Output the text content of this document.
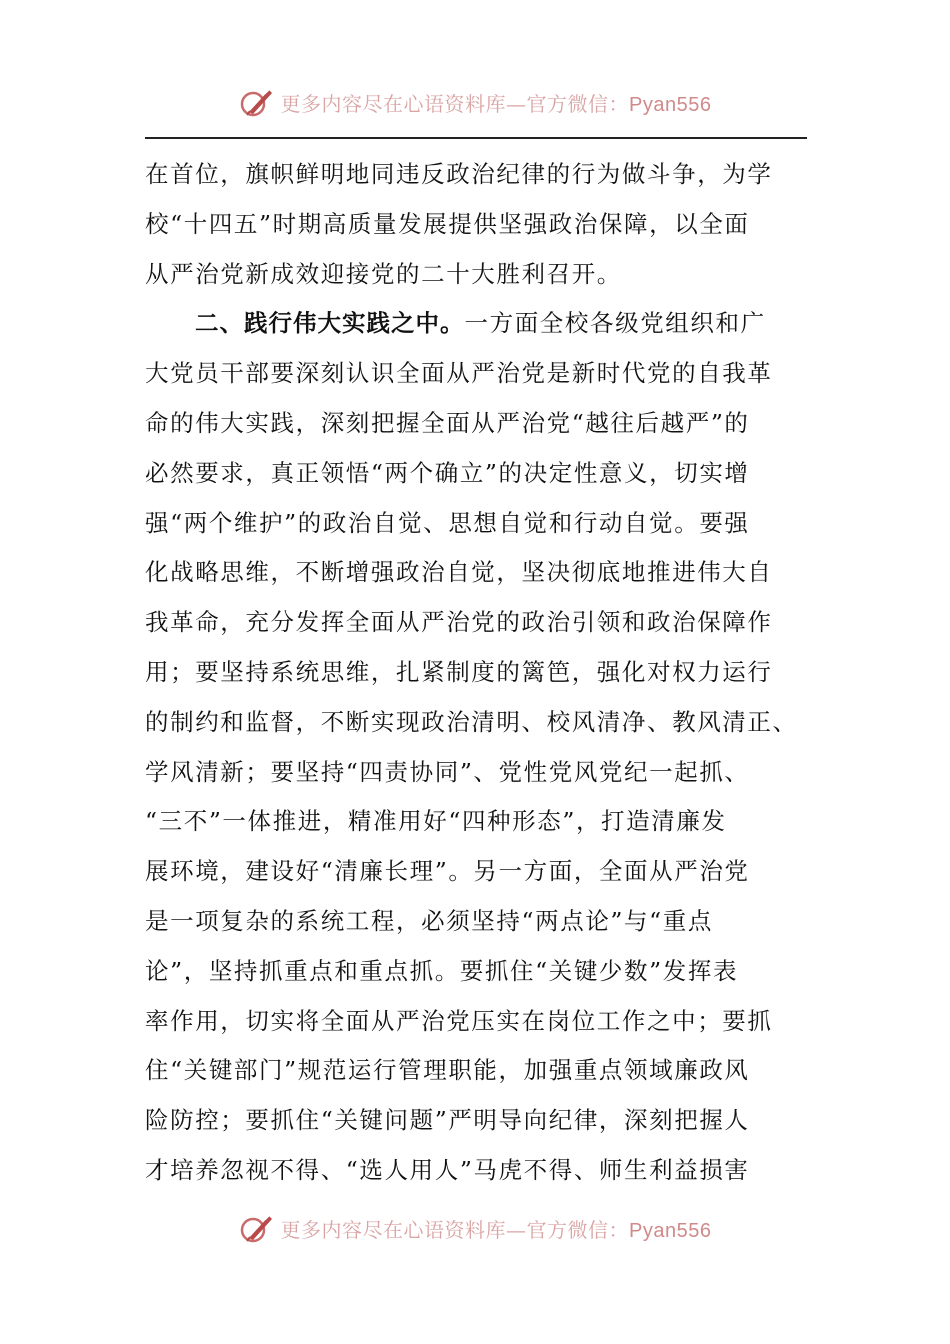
更多内容尽在心语资料库—官方微信：Pyan556
在首位，旗帜鲜明地同违反政治纪律的行为做斗争，为学
校“十四五”时期高质量发展提供坚强政治保障，以全面
从严治党新成效迎接党的二十大胜利召开。
二、践行伟大实践之中。一方面全校各级党组织和广
大党员干部要深刻认识全面从严治党是新时代党的自我革
命的伟大实践，深刻把握全面从严治党“越往后越严”的
必然要求，真正领悟“两个确立”的决定性意义，切实增
强“两个维护”的政治自觉、思想自觉和行动自觉。要强
化战略思维，不断增强政治自觉，坚决彻底地推进伟大自
我革命，充分发挥全面从严治党的政治引领和政治保障作
用；要坚持系统思维，扎紧制度的篱笆，强化对权力运行
的制约和监督，不断实现政治清明、校风清净、教风清正、
学风清新；要坚持“四责协同”、党性党风党纪一起抓、
“三不”一体推进，精准用好“四种形态”，打造清廉发
展环境，建设好“清廉长理”。另一方面，全面从严治党
是一项复杂的系统工程，必须坚持“两点论”与“重点
论”，坚持抓重点和重点抓。要抓住“关键少数”发挥表
率作用，切实将全面从严治党压实在岗位工作之中；要抓
住“关键部门”规范运行管理职能，加强重点领域廉政风
险防控；要抓住“关键问题”严明导向纪律，深刻把握人
才培养忽视不得、“选人用人”马虎不得、师生利益损害
更多内容尽在心语资料库—官方微信：Pyan556
